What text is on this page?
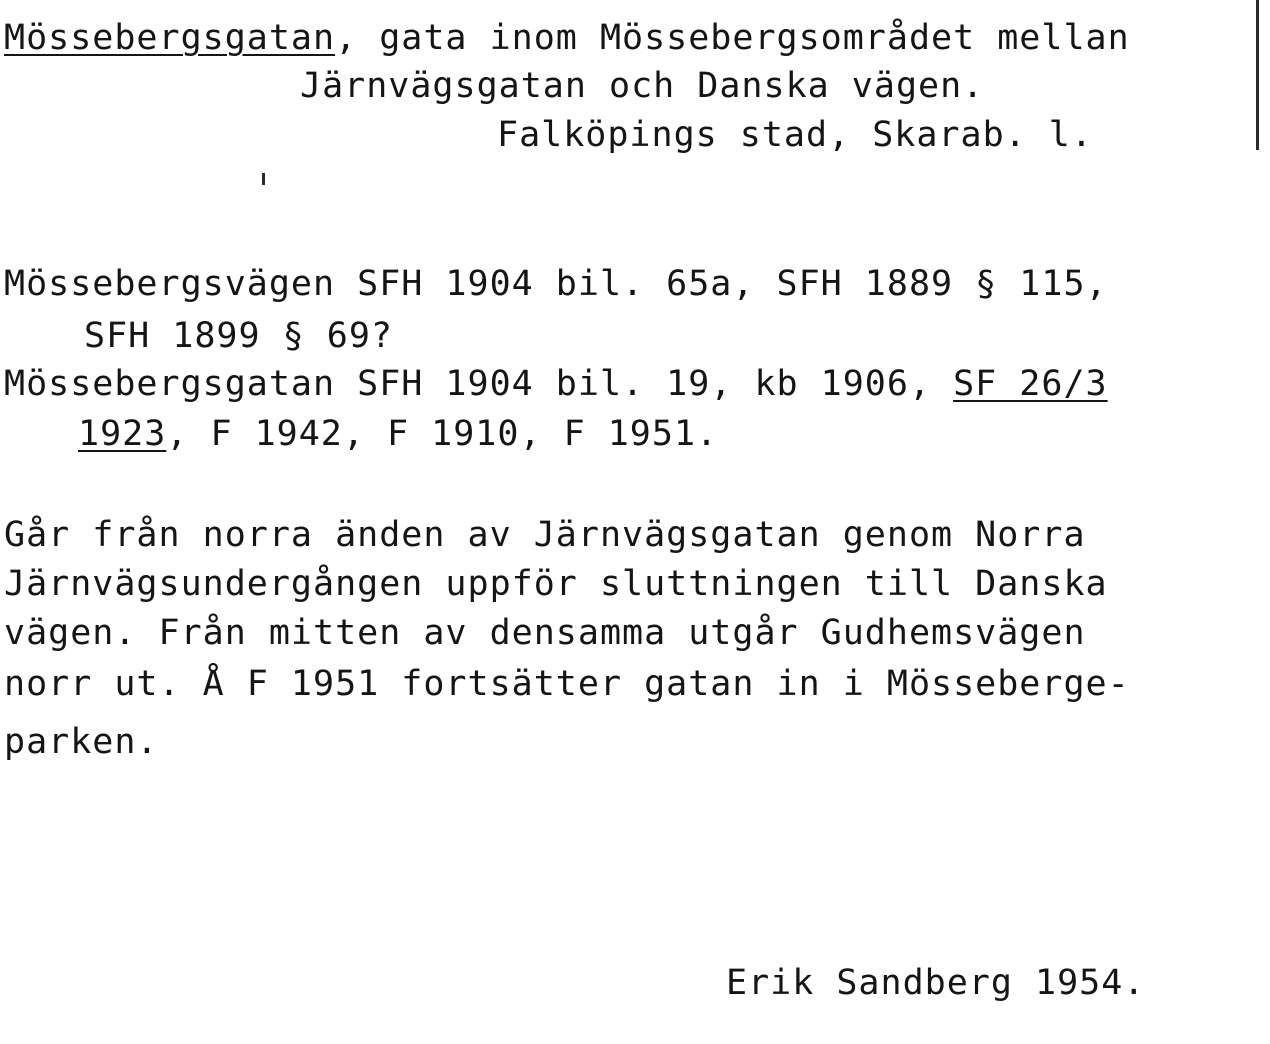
Mössebergsgatan, gata inom Mössebergsområdet mellan

Järnvägsgatan och Danska vägen.

Falköpings stad, Skarab. l.

Mössebergsvägen SFH 1904 bil. 65a, SFH 1889 § 115,

SFH 1899 § 69?

Mössebergsgatan SFH 1904 bil. 19, kb 1906, SF 26/3

1923, F 1942, F 1910, F 1951.

Går från norra änden av Järnvägsgatan genom Norra

Järnvägsundergången uppför sluttningen till Danska

vägen. Från mitten av densamma utgår Gudhemsvägen

norr ut. Å F 1951 fortsätter gatan in i Mösseberge-

parken.

Erik Sandberg 1954.
